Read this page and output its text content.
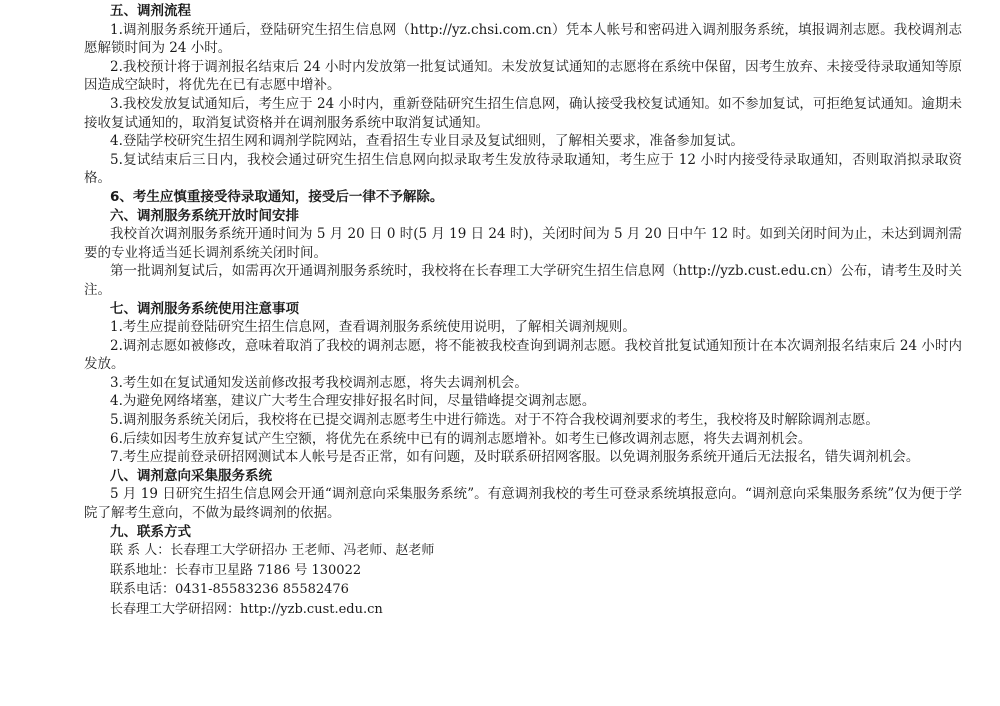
五、调剂流程

1.调剂服务系统开通后，登陆研究生招生信息网（http://yz.chsi.com.cn）凭本人帐号和密码进入调剂服务系统，填报调剂志愿。我校调剂志愿解锁时间为 24 小时。

2.我校预计将于调剂报名结束后 24 小时内发放第一批复试通知。未发放复试通知的志愿将在系统中保留，因考生放弃、未接受待录取通知等原因造成空缺时，将优先在已有志愿中增补。

3.我校发放复试通知后，考生应于 24 小时内，重新登陆研究生招生信息网，确认接受我校复试通知。如不参加复试，可拒绝复试通知。逾期未接收复试通知的，取消复试资格并在调剂服务系统中取消复试通知。

4.登陆学校研究生招生网和调剂学院网站，查看招生专业目录及复试细则，了解相关要求，准备参加复试。

5.复试结束后三日内，我校会通过研究生招生信息网向拟录取考生发放待录取通知，考生应于 12 小时内接受待录取通知，否则取消拟录取资格。

6、考生应慎重接受待录取通知，接受后一律不予解除。
六、调剂服务系统开放时间安排

我校首次调剂服务系统开通时间为 5 月 20 日 0 时(5 月 19 日 24 时)，关闭时间为 5 月 20 日中午 12 时。如到关闭时间为止，未达到调剂需要的专业将适当延长调剂系统关闭时间。

第一批调剂复试后，如需再次开通调剂服务系统时，我校将在长春理工大学研究生招生信息网（http://yzb.cust.edu.cn）公布，请考生及时关注。

七、调剂服务系统使用注意事项

1.考生应提前登陆研究生招生信息网，查看调剂服务系统使用说明，了解相关调剂规则。

2.调剂志愿如被修改，意味着取消了我校的调剂志愿，将不能被我校查询到调剂志愿。我校首批复试通知预计在本次调剂报名结束后 24 小时内发放。

3.考生如在复试通知发送前修改报考我校调剂志愿，将失去调剂机会。

4.为避免网络堵塞，建议广大考生合理安排好报名时间，尽量错峰提交调剂志愿。

5.调剂服务系统关闭后，我校将在已提交调剂志愿考生中进行筛选。对于不符合我校调剂要求的考生，我校将及时解除调剂志愿。

6.后续如因考生放弃复试产生空额，将优先在系统中已有的调剂志愿增补。如考生已修改调剂志愿，将失去调剂机会。

7.考生应提前登录研招网测试本人帐号是否正常，如有问题，及时联系研招网客服。以免调剂服务系统开通后无法报名，错失调剂机会。

八、调剂意向采集服务系统

5 月 19 日研究生招生信息网会开通“调剂意向采集服务系统”。有意调剂我校的考生可登录系统填报意向。“调剂意向采集服务系统”仅为便于学院了解考生意向，不做为最终调剂的依据。

九、联系方式

联 系 人：长春理工大学研招办 王老师、冯老师、赵老师

联系地址：长春市卫星路 7186 号 130022

联系电话：0431-85583236 85582476

长春理工大学研招网：http://yzb.cust.edu.cn
